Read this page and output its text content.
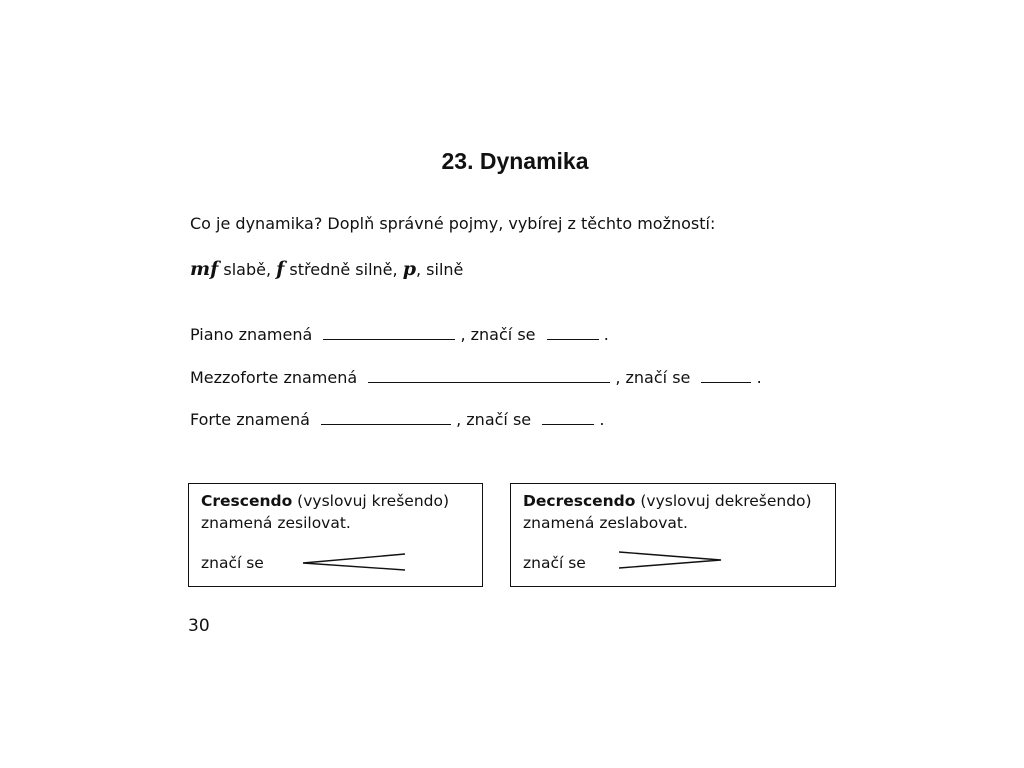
23. Dynamika
Co je dynamika? Doplň správné pojmy, vybírej z těchto možností:
mf slabě, f středně silně, p, silně
Piano znamená	, značí se	.
Mezzoforte znamená	, značí se	.
Forte znamená	, značí se	.
Crescendo (vyslovuj krešendo)
znamená zesilovat.
značí se
Decrescendo (vyslovuj dekrešendo)
znamená zeslabovat.
značí se
30
